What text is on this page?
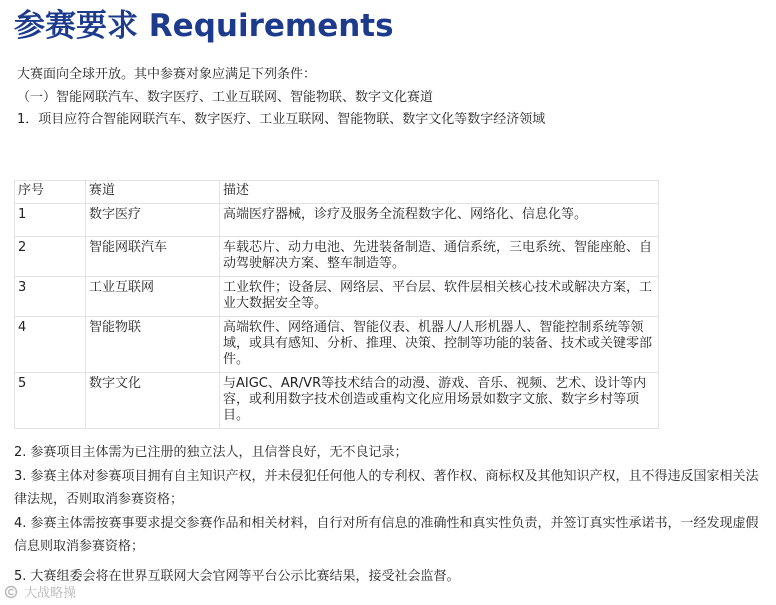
参赛要求 Requirements
大赛面向全球开放。其中参赛对象应满足下列条件：
（一）智能网联汽车、数字医疗、工业互联网、智能物联、数字文化赛道
1．项目应符合智能网联汽车、数字医疗、工业互联网、智能物联、数字文化等数字经济领域
序号	赛道	描述
1	数字医疗	高端医疗器械，诊疗及服务全流程数字化、网络化、信息化等。
2	智能网联汽车	车载芯片、动力电池、先进装备制造、通信系统，三电系统、智能座舱、自动驾驶解决方案、整车制造等。
3	工业互联网	工业软件；设备层、网络层、平台层、软件层相关核心技术或解决方案，工业大数据安全等。
4	智能物联	高端软件、网络通信、智能仪表、机器人/人形机器人、智能控制系统等领域，或具有感知、分析、推理、决策、控制等功能的装备、技术或关键零部件。
5	数字文化	与AIGC、AR/VR等技术结合的动漫、游戏、音乐、视频、艺术、设计等内容，或利用数字技术创造或重构文化应用场景如数字文旅、数字乡村等项目。

2. 参赛项目主体需为已注册的独立法人，且信誉良好，无不良记录；

3. 参赛主体对参赛项目拥有自主知识产权，并未侵犯任何他人的专利权、著作权、商标权及其他知识产权，且不得违反国家相关法律法规，否则取消参赛资格；

4. 参赛主体需按赛事要求提交参赛作品和相关材料，自行对所有信息的准确性和真实性负责，并签订真实性承诺书，一经发现虚假信息则取消参赛资格；

5. 大赛组委会将在世界互联网大会官网等平台公示比赛结果，接受社会监督。

大战略操
